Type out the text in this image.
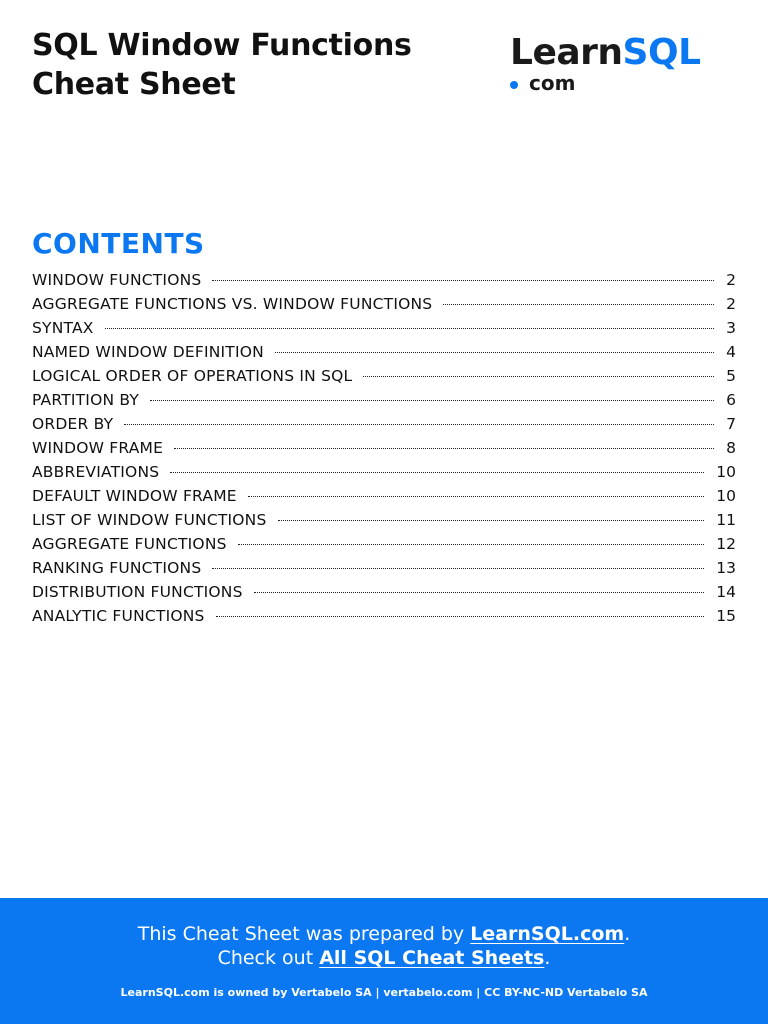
SQL Window Functions
Cheat Sheet
LearnSQL
com
CONTENTS
WINDOW FUNCTIONS	2
AGGREGATE FUNCTIONS VS. WINDOW FUNCTIONS	2
SYNTAX	3
NAMED WINDOW DEFINITION	4
LOGICAL ORDER OF OPERATIONS IN SQL	5
PARTITION BY	6
ORDER BY	7
WINDOW FRAME	8
ABBREVIATIONS	10
DEFAULT WINDOW FRAME	10
LIST OF WINDOW FUNCTIONS	11
AGGREGATE FUNCTIONS	12
RANKING FUNCTIONS	13
DISTRIBUTION FUNCTIONS	14
ANALYTIC FUNCTIONS	15
This Cheat Sheet was prepared by LearnSQL.com.
Check out All SQL Cheat Sheets.
LearnSQL.com is owned by Vertabelo SA | vertabelo.com | CC BY-NC-ND Vertabelo SA
